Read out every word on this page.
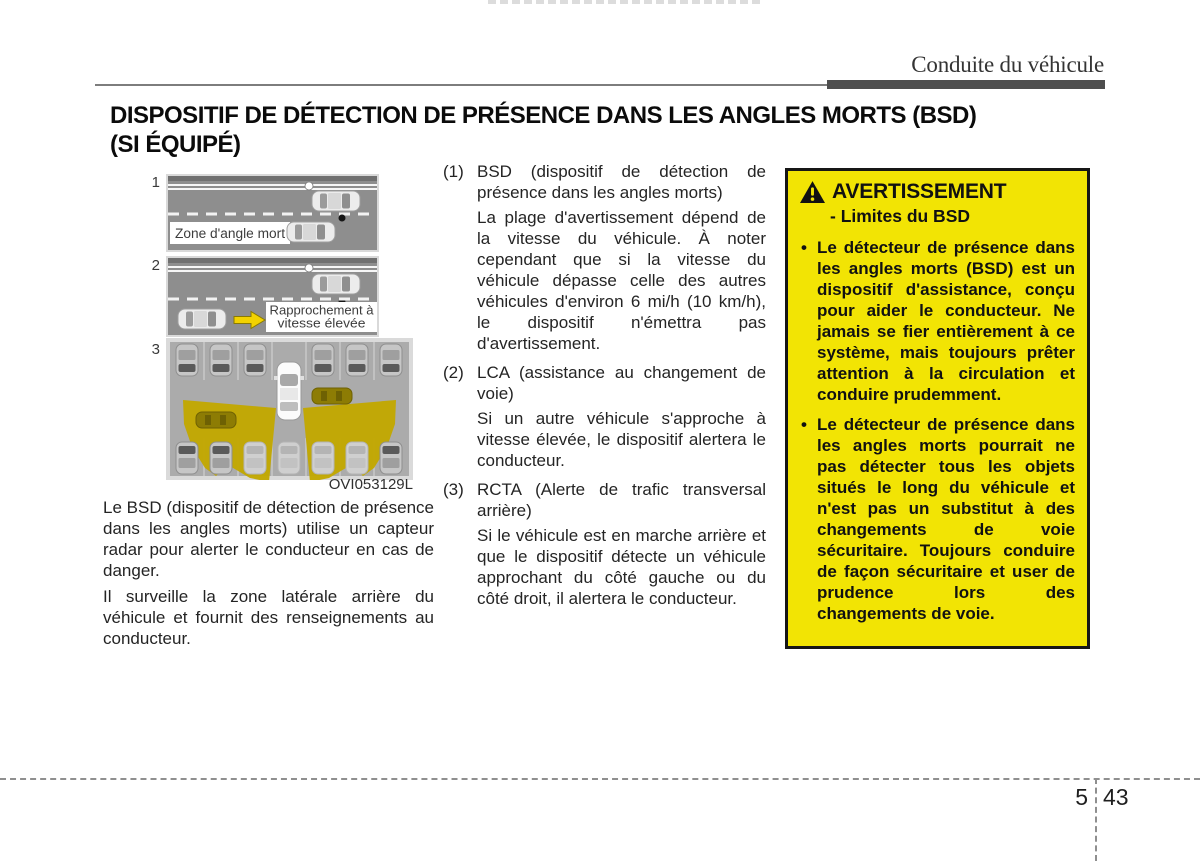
Conduite du véhicule
DISPOSITIF DE DÉTECTION DE PRÉSENCE DANS LES ANGLES MORTS (BSD)
(SI ÉQUIPÉ)
1
2
3
Zone d'angle mort
Rapprochement à
vitesse élevée
OVI053129L

Le BSD (dispositif de détection de présence dans les angles morts) utilise un capteur radar pour alerter le conducteur en cas de danger.

Il surveille la zone latérale arrière du véhicule et fournit des renseignements au conducteur.

(1) BSD (dispositif de détection de présence dans les angles morts)

La plage d'avertissement dépend de la vitesse du véhicule. À noter cependant que si la vitesse du véhicule dépasse celle des autres véhicules d'environ 6 mi/h (10 km/h), le dispositif n'émettra pas d'avertissement.

(2) LCA (assistance au changement de voie)

Si un autre véhicule s'approche à vitesse élevée, le dispositif alertera le conducteur.

(3) RCTA (Alerte de trafic transversal arrière)

Si le véhicule est en marche arrière et que le dispositif détecte un véhicule approchant du côté gauche ou du côté droit, il alertera le conducteur.

AVERTISSEMENT
- Limites du BSD
• Le détecteur de présence dans les angles morts (BSD) est un dispositif d'assistance, conçu pour aider le conducteur. Ne jamais se fier entièrement à ce système, mais toujours prêter attention à la circulation et conduire prudemment.
• Le détecteur de présence dans les angles morts pourrait ne pas détecter tous les objets situés le long du véhicule et n'est pas un substitut à des changements de voie sécuritaire. Toujours conduire de façon sécuritaire et user de prudence lors des changements de voie.
5 43
